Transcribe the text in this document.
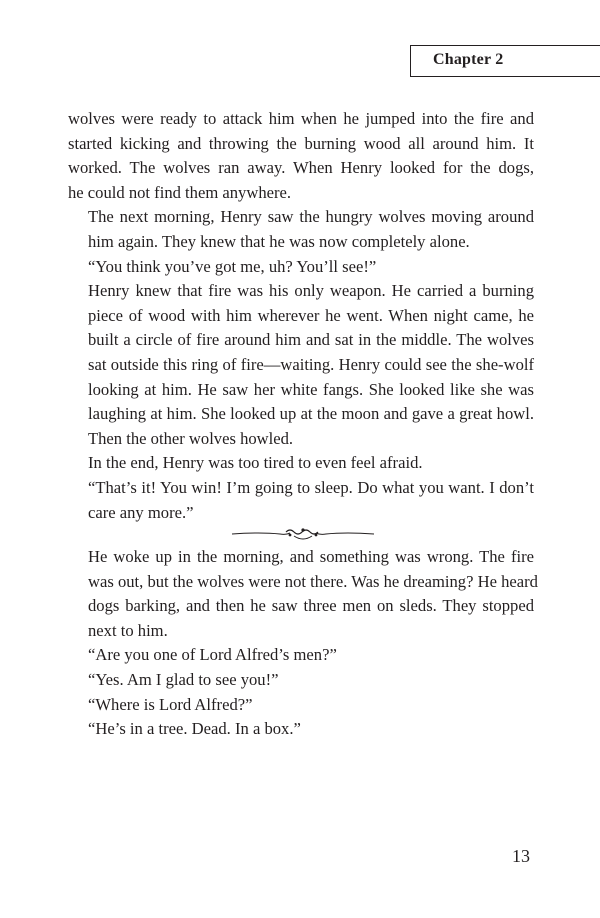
Chapter 2

wolves were ready to attack him when he jumped into the fire and
started kicking and throwing the burning wood all around him. It
worked. The wolves ran away. When Henry looked for the dogs,
he could not find them anywhere.

The next morning, Henry saw the hungry wolves moving around
him again. They knew that he was now completely alone.

“You think you’ve got me, uh? You’ll see!”

Henry knew that fire was his only weapon. He carried a burning
piece of wood with him wherever he went. When night came, he
built a circle of fire around him and sat in the middle. The wolves
sat outside this ring of fire—waiting. Henry could see the she-wolf
looking at him. He saw her white fangs. She looked like she was
laughing at him. She looked up at the moon and gave a great howl.
Then the other wolves howled.

In the end, Henry was too tired to even feel afraid.

“That’s it! You win! I’m going to sleep. Do what you want. I don’t
care any more.”

He woke up in the morning, and something was wrong. The fire
was out, but the wolves were not there. Was he dreaming? He heard
dogs barking, and then he saw three men on sleds. They stopped
next to him.

“Are you one of Lord Alfred’s men?”

“Yes. Am I glad to see you!”

“Where is Lord Alfred?”

“He’s in a tree. Dead. In a box.”

13
